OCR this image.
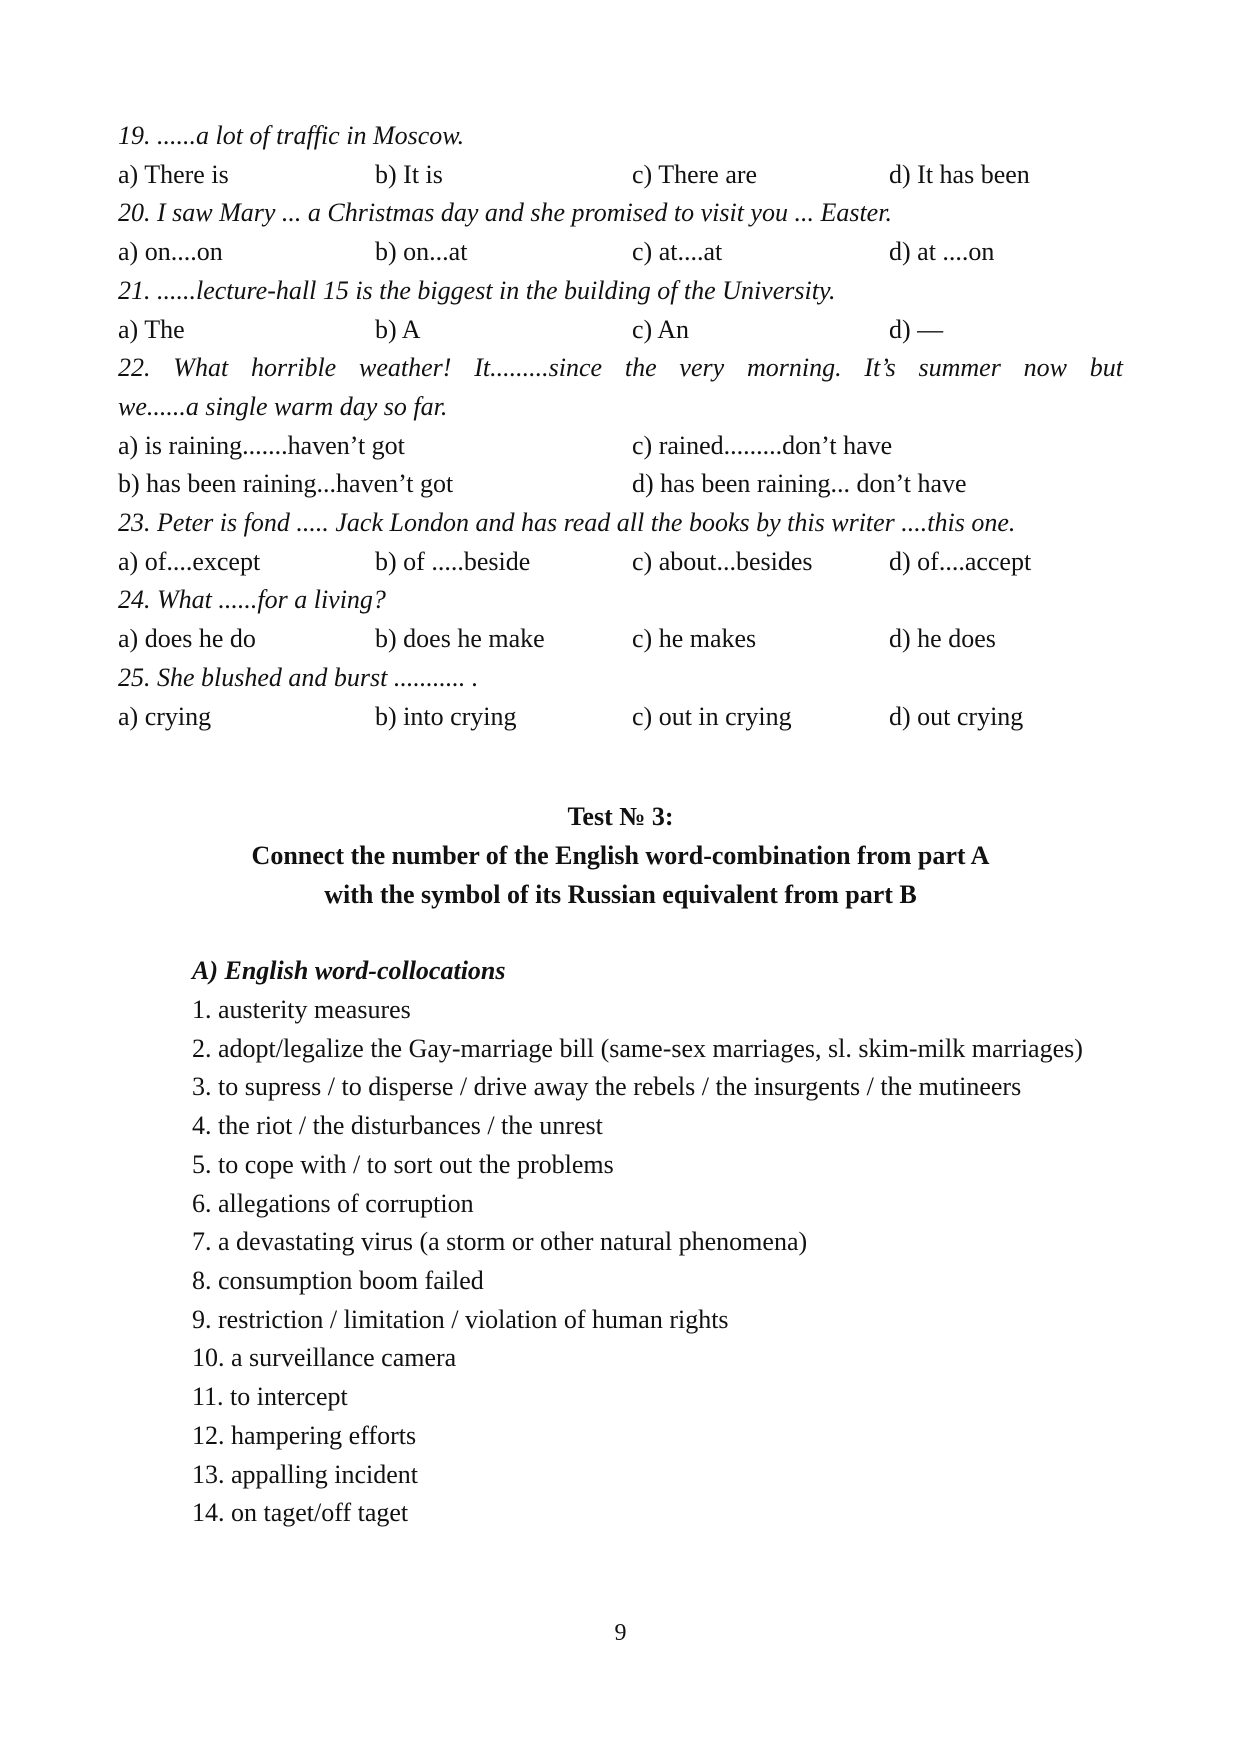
19. ......a lot of traffic in Moscow.
a) There is	b) It is	c) There are	d) It has been
20. I saw Mary ... a Christmas day and she promised to visit you ... Easter.
a) on....on	b) on...at	c) at....at	d) at ....on
21. ......lecture-hall 15 is the biggest in the building of the University.
a) The	b) A	c) An	d) —
22. What horrible weather! It.........since the very morning. It’s summer now but
we......a single warm day so far.
a) is raining.......haven’t got	c) rained.........don’t have
b) has been raining...haven’t got	d) has been raining... don’t have
23. Peter is fond ..... Jack London and has read all the books by this writer ....this one.
a) of....except	b) of .....beside	c) about...besides	d) of....accept
24. What ......for a living?
a) does he do	b) does he make	c) he makes	d) he does
25. She blushed and burst ........... .
a) crying	b) into crying	c) out in crying	d) out crying
Test № 3:
Connect the number of the English word-combination from part A
with the symbol of its Russian equivalent from part B
A) English word-collocations
1. austerity measures
2. adopt/legalize the Gay-marriage bill (same-sex marriages, sl. skim-milk marriages)
3. to supress / to disperse / drive away the rebels / the insurgents / the mutineers
4. the riot / the disturbances / the unrest
5. to cope with / to sort out the problems
6. allegations of corruption
7. a devastating virus (a storm or other natural phenomena)
8. consumption boom failed
9. restriction / limitation / violation of human rights
10. a surveillance camera
11. to intercept
12. hampering efforts
13. appalling incident
14. on taget/off taget
9
